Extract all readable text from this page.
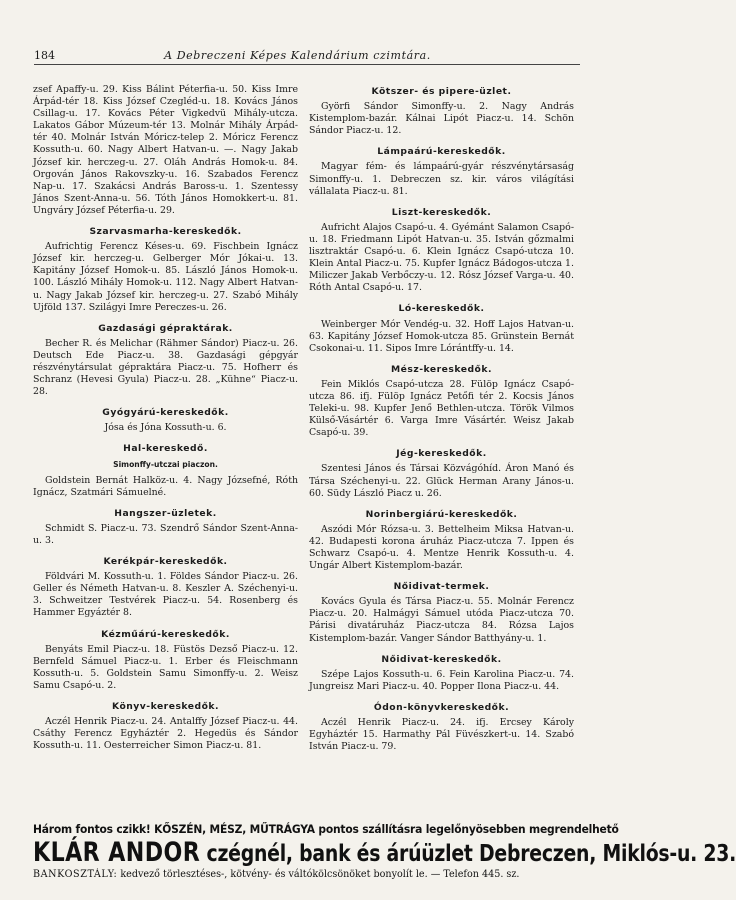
184	A Debreczeni Képes Kalendárium czimtára.

zsef Apaffy-u. 29. Kiss Bálint Péterfia-u. 50. Kiss Imre Árpád-tér 18. Kiss József Czegléd-u. 18. Kovács János Csillag-u. 17. Kovács Péter Vigkedvü Mihály-utcza. Lakatos Gábor Múzeum-tér 13. Molnár Mihály Árpád-tér 40. Molnár István Móricz-telep 2. Móricz Ferencz Kossuth-u. 60. Nagy Albert Hatvan-u. —. Nagy Jakab József kir. herczeg-u. 27. Oláh András Homok-u. 84. Orgován János Rakovszky-u. 16. Szabados Ferencz Nap-u. 17. Szakácsi András Baross-u. 1. Szentessy János Szent-Anna-u. 56. Tóth János Homokkert-u. 81. Ungváry József Péterfia-u. 29.

Szarvasmarha-kereskedők.

Aufrichtig Ferencz Késes-u. 69. Fischbein Ignácz József kir. herczeg-u. Gelberger Mór Jókai-u. 13. Kapitány József Homok-u. 85. László János Homok-u. 100. László Mihály Homok-u. 112. Nagy Albert Hatvan-u. Nagy Jakab József kir. herczeg-u. 27. Szabó Mihály Ujföld 137. Szilágyi Imre Pereczes-u. 26.

Gazdasági gépraktárak.

Becher R. és Melichar (Rähmer Sándor) Piacz-u. 26. Deutsch Ede Piacz-u. 38. Gazdasági gépgyár részvénytársulat gépraktára Piacz-u. 75. Hofherr és Schranz (Hevesi Gyula) Piacz-u. 28. „Kühne“ Piacz-u. 28.

Gyógyárú-kereskedők.

Jósa és Jóna Kossuth-u. 6.

Hal-kereskedő.
Simonffy-utczai piaczon.

Goldstein Bernát Halköz-u. 4. Nagy Józsefné, Róth Ignácz, Szatmári Sámuelné.

Hangszer-üzletek.

Schmidt S. Piacz-u. 73. Szendrő Sándor Szent-Anna-u. 3.

Kerékpár-kereskedők.

Földvári M. Kossuth-u. 1. Földes Sándor Piacz-u. 26. Geller és Németh Hatvan-u. 8. Keszler A. Széchenyi-u. 3. Schweitzer Testvérek Piacz-u. 54. Rosenberg és Hammer Egyáztér 8.

Kézműárú-kereskedők.

Benyáts Emil Piacz-u. 18. Füstös Dezső Piacz-u. 12. Bernfeld Sámuel Piacz-u. 1. Erber és Fleischmann Kossuth-u. 5. Goldstein Samu Simonffy-u. 2. Weisz Samu Csapó-u. 2.

Könyv-kereskedők.

Aczél Henrik Piacz-u. 24. Antalffy József Piacz-u. 44. Csáthy Ferencz Egyháztér 2. Hegedüs és Sándor Kossuth-u. 11. Oesterreicher Simon Piacz-u. 81.

Kötszer- és pipere-üzlet.

Györfi Sándor Simonffy-u. 2. Nagy András Kistemplom-bazár. Kálnai Lipót Piacz-u. 14. Schön Sándor Piacz-u. 12.

Lámpaárú-kereskedők.

Magyar fém- és lámpaárú-gyár részvénytársaság Simonffy-u. 1. Debreczen sz. kir. város világítási vállalata Piacz-u. 81.

Liszt-kereskedők.

Aufricht Alajos Csapó-u. 4. Gyémánt Salamon Csapó-u. 18. Friedmann Lipót Hatvan-u. 35. István gőzmalmi lisztraktár Csapó-u. 6. Klein Ignácz Csapó-utcza 10. Klein Antal Piacz-u. 75. Kupfer Ignácz Bádogos-utcza 1. Miliczer Jakab Verbőczy-u. 12. Rósz József Varga-u. 40. Róth Antal Csapó-u. 17.

Ló-kereskedők.

Weinberger Mór Vendég-u. 32. Hoff Lajos Hatvan-u. 63. Kapitány József Homok-utcza 85. Grünstein Bernát Csokonai-u. 11. Sipos Imre Lórántffy-u. 14.

Mész-kereskedők.

Fein Miklós Csapó-utcza 28. Fülöp Ignácz Csapó-utcza 86. ifj. Fülöp Ignácz Petőfi tér 2. Kocsis János Teleki-u. 98. Kupfer Jenő Bethlen-utcza. Török Vilmos Külső-Vásártér 6. Varga Imre Vásártér. Weisz Jakab Csapó-u. 39.

Jég-kereskedők.

Szentesi János és Társai Közvágóhíd. Áron Manó és Társa Széchenyi-u. 22. Glück Herman Arany János-u. 60. Südy László Piacz u. 26.

Norinbergiárú-kereskedők.

Aszódi Mór Rózsa-u. 3. Bettelheim Miksa Hatvan-u. 42. Budapesti korona áruház Piacz-utcza 7. Ippen és Schwarz Csapó-u. 4. Mentze Henrik Kossuth-u. 4. Ungár Albert Kistemplom-bazár.

Nőidivat-termek.

Kovács Gyula és Társa Piacz-u. 55. Molnár Ferencz Piacz-u. 20. Halmágyi Sámuel utóda Piacz-utcza 70. Párisi divatáruház Piacz-utcza 84. Rózsa Lajos Kistemplom-bazár. Vanger Sándor Batthyány-u. 1.

Nőidivat-kereskedők.

Szépe Lajos Kossuth-u. 6. Fein Karolina Piacz-u. 74. Jungreisz Mari Piacz-u. 40. Popper Ilona Piacz-u. 44.

Ódon-könyvkereskedők.

Aczél Henrik Piacz-u. 24. ifj. Ercsey Károly Egyháztér 15. Harmathy Pál Füvészkert-u. 14. Szabó István Piacz-u. 79.

Három fontos czikk! KŐSZÉN, MÉSZ, MŰTRÁGYA pontos szállításra legelőnyösebben megrendelhető
KLÁR ANDOR czégnél, bank és árúüzlet Debreczen, Miklós-u. 23.
BANKOSZTÁLY: kedvező törlesztéses-, kötvény- és váltókölcsönöket bonyolít le. — Telefon 445. sz.
